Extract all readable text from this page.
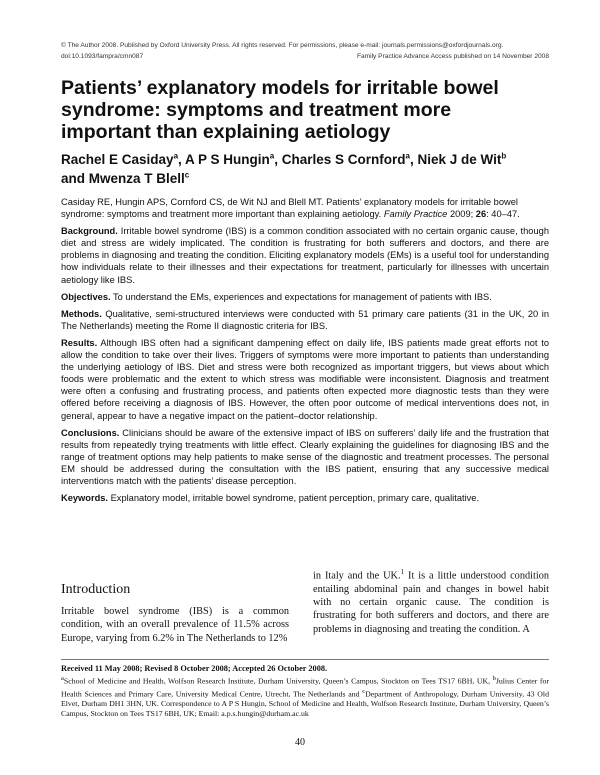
© The Author 2008. Published by Oxford University Press. All rights reserved. For permissions, please e-mail: journals.permissions@oxfordjournals.org.
doi:10.1093/fampra/cmn087	Family Practice Advance Access published on 14 November 2008
Patients’ explanatory models for irritable bowel syndrome: symptoms and treatment more important than explaining aetiology
Rachel E Casiday$^a$, A P S Hungin$^a$, Charles S Cornford$^a$, Niek J de Wit$^b$ and Mwenza T Blell$^c$

Casiday RE, Hungin APS, Cornford CS, de Wit NJ and Blell MT. Patients’ explanatory models for irritable bowel syndrome: symptoms and treatment more important than explaining aetiology. Family Practice 2009; 26: 40–47.

Background. Irritable bowel syndrome (IBS) is a common condition associated with no certain organic cause, though diet and stress are widely implicated. The condition is frustrating for both sufferers and doctors, and there are problems in diagnosing and treating the condition. Eliciting explanatory models (EMs) is a useful tool for understanding how individuals relate to their illnesses and their expectations for treatment, particularly for illnesses with uncertain aetiology like IBS.

Objectives. To understand the EMs, experiences and expectations for management of patients with IBS.

Methods. Qualitative, semi-structured interviews were conducted with 51 primary care patients (31 in the UK, 20 in The Netherlands) meeting the Rome II diagnostic criteria for IBS.

Results. Although IBS often had a significant dampening effect on daily life, IBS patients made great efforts not to allow the condition to take over their lives. Triggers of symptoms were more important to patients than understanding the underlying aetiology of IBS. Diet and stress were both recognized as important triggers, but views about which foods were problematic and the extent to which stress was modifiable were inconsistent. Diagnosis and treatment were often a confusing and frustrating process, and patients often expected more diagnostic tests than they were offered before receiving a diagnosis of IBS. However, the often poor outcome of medical interventions does not, in general, appear to have a negative impact on the patient–doctor relationship.

Conclusions. Clinicians should be aware of the extensive impact of IBS on sufferers’ daily life and the frustration that results from repeatedly trying treatments with little effect. Clearly explaining the guidelines for diagnosing IBS and the range of treatment options may help patients to make sense of the diagnostic and treatment processes. The personal EM should be addressed during the consultation with the IBS patient, ensuring that any successive medical interventions match with the patients’ disease perception.

Keywords. Explanatory model, irritable bowel syndrome, patient perception, primary care, qualitative.

Introduction
Irritable bowel syndrome (IBS) is a common condition, with an overall prevalence of 11.5% across Europe, varying from 6.2% in The Netherlands to 12%
in Italy and the UK.$^1$ It is a little understood condition entailing abdominal pain and changes in bowel habit with no certain organic cause. The condition is frustrating for both sufferers and doctors, and there are problems in diagnosing and treating the condition. A
Received 11 May 2008; Revised 8 October 2008; Accepted 26 October 2008.
$^a$School of Medicine and Health, Wolfson Research Institute, Durham University, Queen’s Campus, Stockton on Tees TS17 6BH, UK, $^b$Julius Center for Health Sciences and Primary Care, University Medical Centre, Utrecht, The Netherlands and $^c$Department of Anthropology, Durham University, 43 Old Elvet, Durham DH1 3HN, UK. Correspondence to A P S Hungin, School of Medicine and Health, Wolfson Research Institute, Durham University, Queen’s Campus, Stockton on Tees TS17 6BH, UK; Email: a.p.s.hungin@durham.ac.uk
40
